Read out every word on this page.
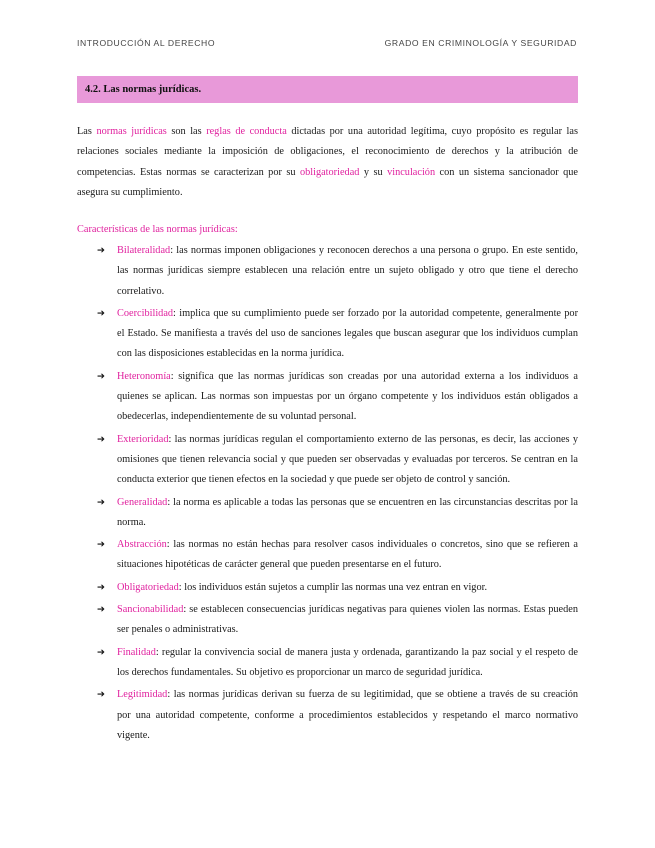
INTRODUCCIÓN AL DERECHO	GRADO EN CRIMINOLOGÍA Y SEGURIDAD
4.2. Las normas jurídicas.

Las normas jurídicas son las reglas de conducta dictadas por una autoridad legítima, cuyo propósito es regular las relaciones sociales mediante la imposición de obligaciones, el reconocimiento de derechos y la atribución de competencias. Estas normas se caracterizan por su obligatoriedad y su vinculación con un sistema sancionador que asegura su cumplimiento.

Características de las normas jurídicas:

➔	Bilateralidad: las normas imponen obligaciones y reconocen derechos a una persona o grupo. En este sentido, las normas jurídicas siempre establecen una relación entre un sujeto obligado y otro que tiene el derecho correlativo.
➔	Coercibilidad: implica que su cumplimiento puede ser forzado por la autoridad competente, generalmente por el Estado. Se manifiesta a través del uso de sanciones legales que buscan asegurar que los individuos cumplan con las disposiciones establecidas en la norma jurídica.
➔	Heteronomía: significa que las normas jurídicas son creadas por una autoridad externa a los individuos a quienes se aplican. Las normas son impuestas por un órgano competente y los individuos están obligados a obedecerlas, independientemente de su voluntad personal.
➔	Exterioridad: las normas jurídicas regulan el comportamiento externo de las personas, es decir, las acciones y omisiones que tienen relevancia social y que pueden ser observadas y evaluadas por terceros. Se centran en la conducta exterior que tienen efectos en la sociedad y que puede ser objeto de control y sanción.
➔	Generalidad: la norma es aplicable a todas las personas que se encuentren en las circunstancias descritas por la norma.
➔	Abstracción: las normas no están hechas para resolver casos individuales o concretos, sino que se refieren a situaciones hipotéticas de carácter general que pueden presentarse en el futuro.
➔	Obligatoriedad: los individuos están sujetos a cumplir las normas una vez entran en vigor.
➔	Sancionabilidad: se establecen consecuencias jurídicas negativas para quienes violen las normas. Estas pueden ser penales o administrativas.
➔	Finalidad: regular la convivencia social de manera justa y ordenada, garantizando la paz social y el respeto de los derechos fundamentales. Su objetivo es proporcionar un marco de seguridad jurídica.
➔	Legitimidad: las normas jurídicas derivan su fuerza de su legitimidad, que se obtiene a través de su creación por una autoridad competente, conforme a procedimientos establecidos y respetando el marco normativo vigente.
